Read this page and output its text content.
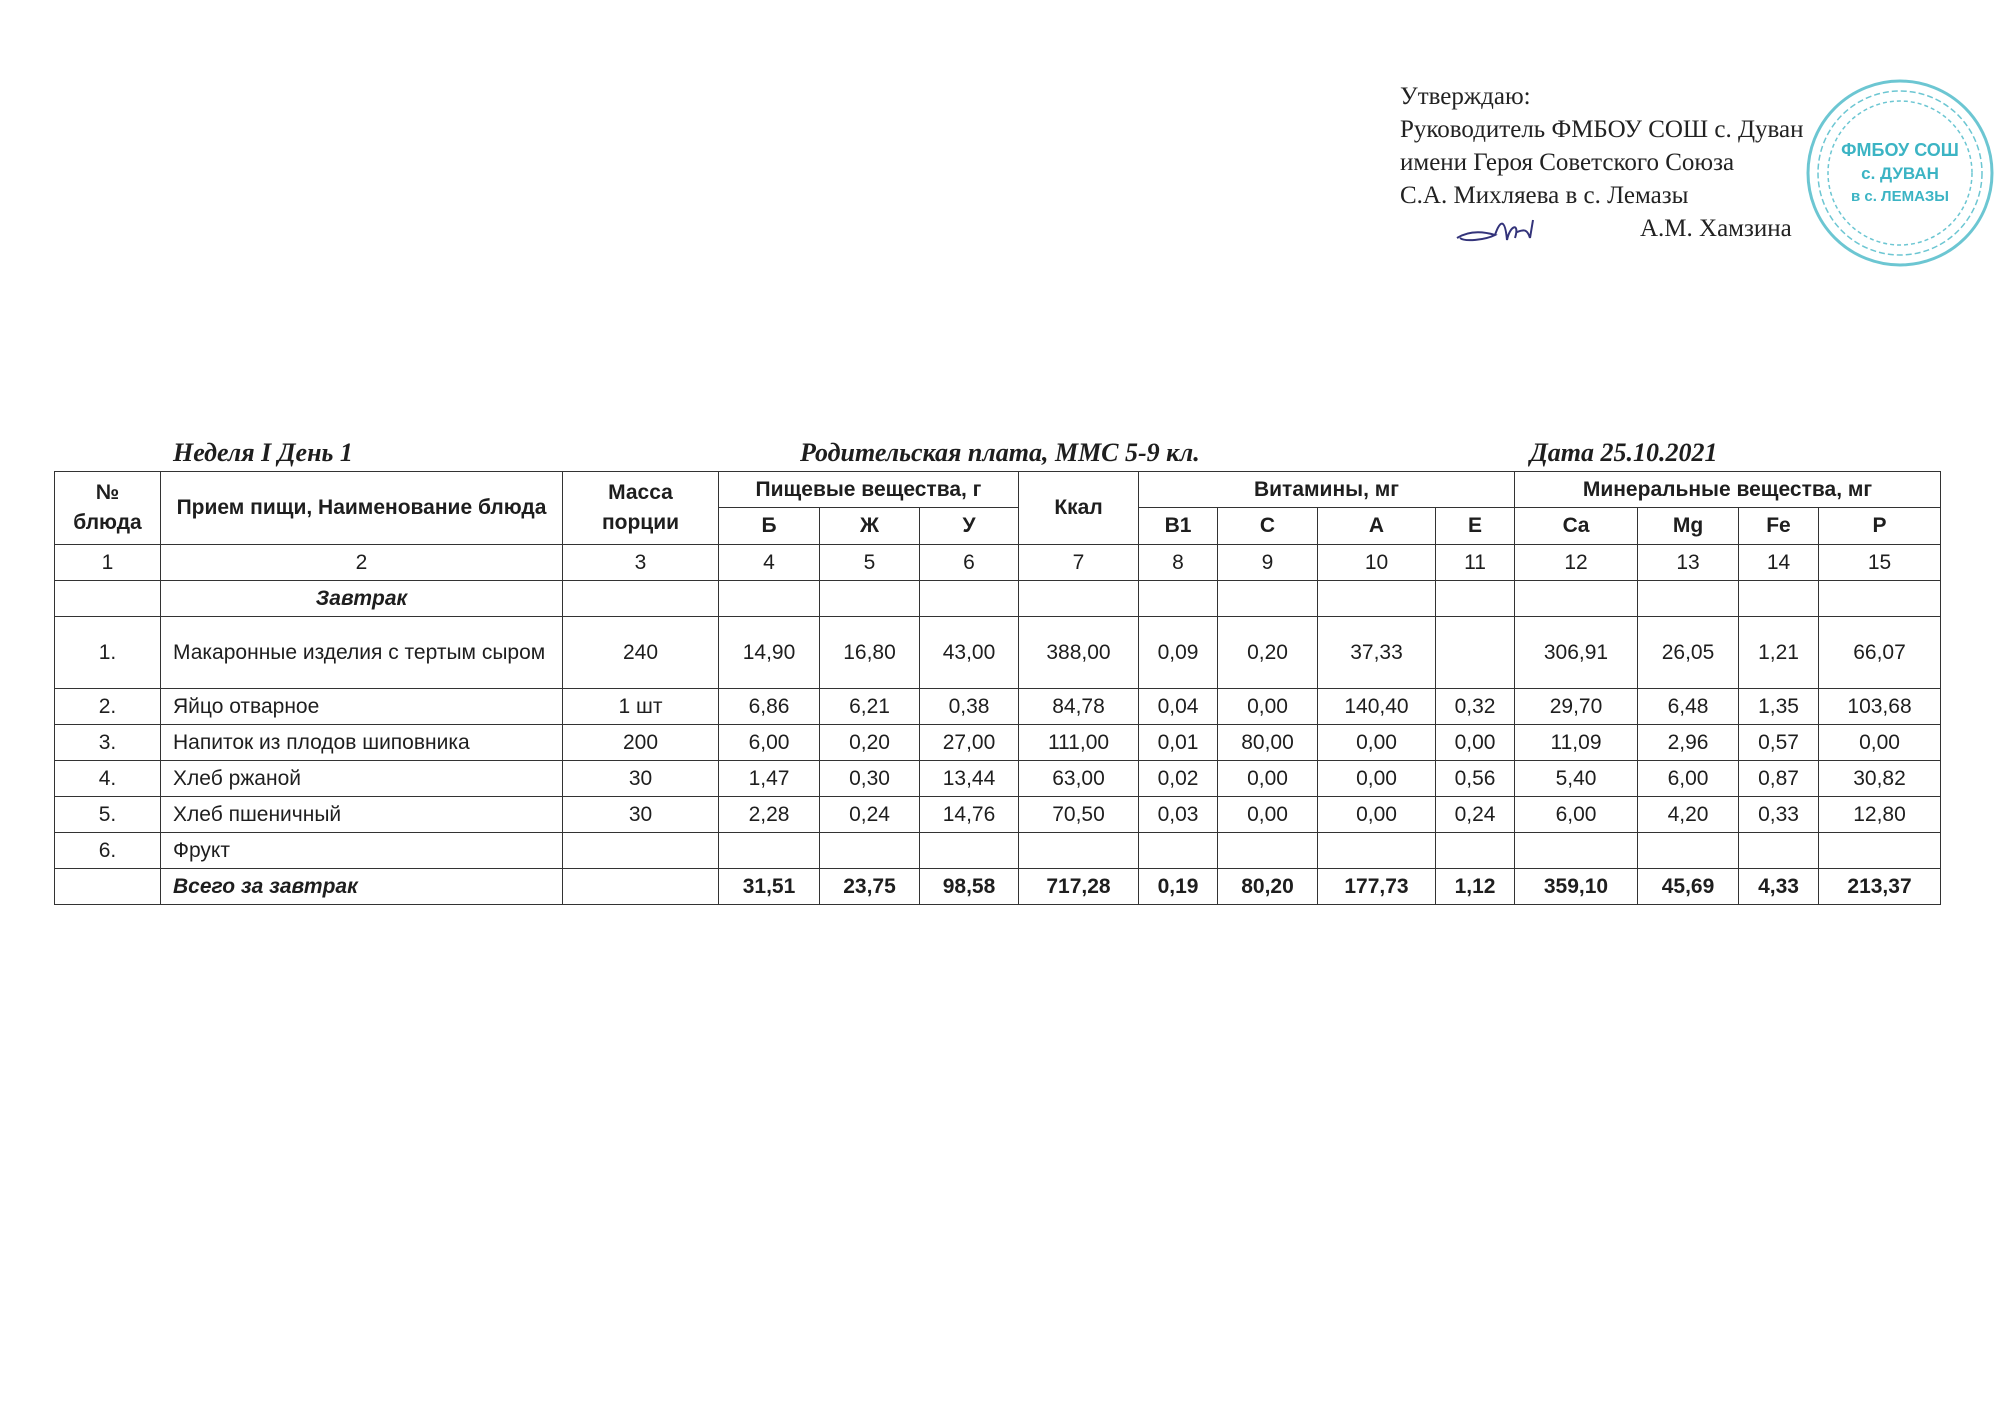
Утверждаю:
Руководитель ФМБОУ СОШ с. Дуван
имени Героя Советского Союза
С.А. Михляева в с. Лемазы
А.М. Хамзина
ФМБОУ СОШ
с. ДУВАН
в с. ЛЕМАЗЫ
Неделя I День 1	Родительская плата, ММС 5-9 кл.	Дата 25.10.2021
№ блюда	Прием пищи, Наименование блюда	Масса порции	Пищевые вещества, г			Ккал	Витамины, мг				Минеральные вещества, мг			
			Б	Ж	У		B1	C	A	E	Ca	Mg	Fe	P
1	2	3	4	5	6	7	8	9	10	11	12	13	14	15
	Завтрак													
1.	Макаронные изделия с тертым сыром	240	14,90	16,80	43,00	388,00	0,09	0,20	37,33		306,91	26,05	1,21	66,07
2.	Яйцо отварное	1 шт	6,86	6,21	0,38	84,78	0,04	0,00	140,40	0,32	29,70	6,48	1,35	103,68
3.	Напиток из плодов шиповника	200	6,00	0,20	27,00	111,00	0,01	80,00	0,00	0,00	11,09	2,96	0,57	0,00
4.	Хлеб ржаной	30	1,47	0,30	13,44	63,00	0,02	0,00	0,00	0,56	5,40	6,00	0,87	30,82
5.	Хлеб пшеничный	30	2,28	0,24	14,76	70,50	0,03	0,00	0,00	0,24	6,00	4,20	0,33	12,80
6.	Фрукт													
	Всего за завтрак		31,51	23,75	98,58	717,28	0,19	80,20	177,73	1,12	359,10	45,69	4,33	213,37
